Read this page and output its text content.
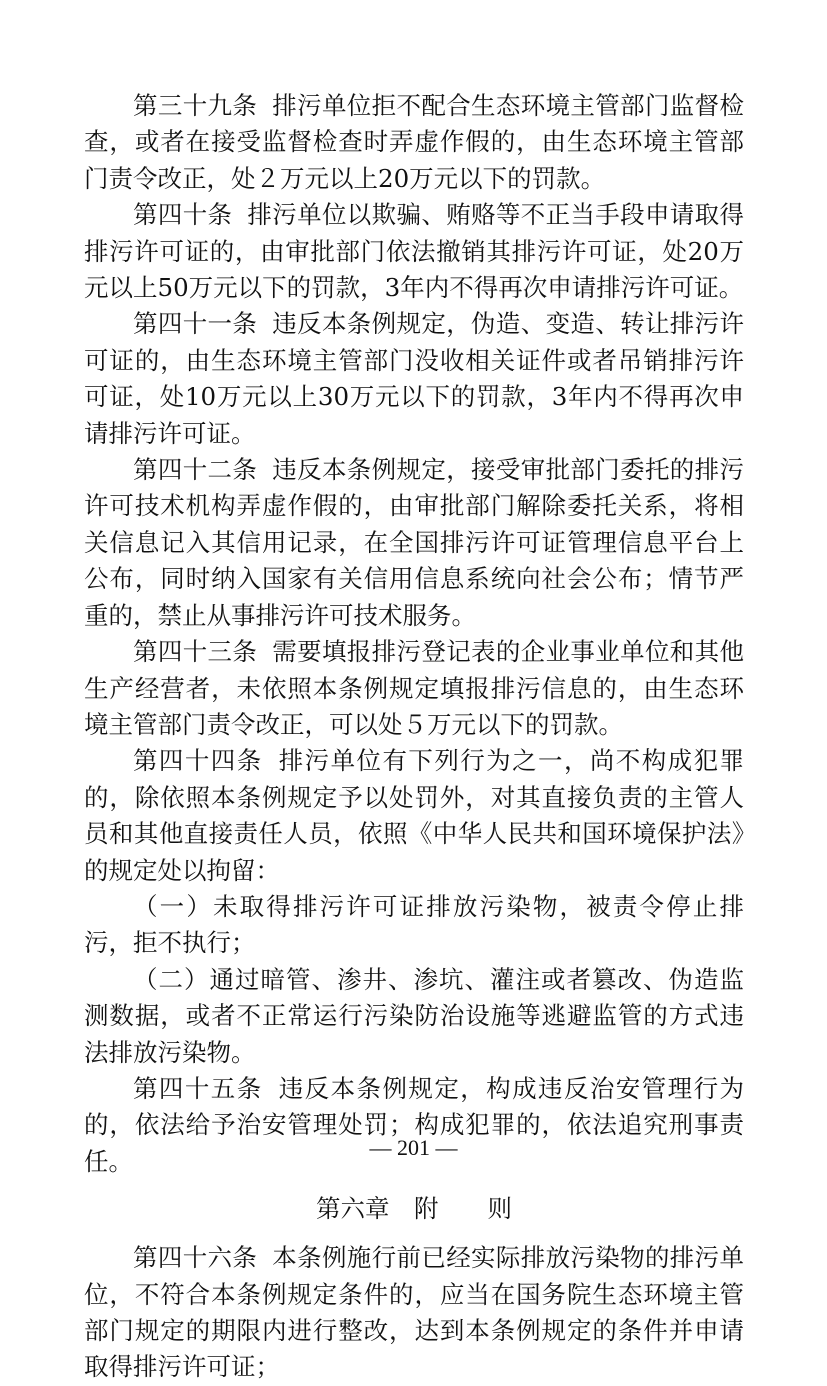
第三十九条 排污单位拒不配合生态环境主管部门监督检查，或者在接受监督检查时弄虚作假的，由生态环境主管部门责令改正，处２万元以上20万元以下的罚款。

第四十条 排污单位以欺骗、贿赂等不正当手段申请取得排污许可证的，由审批部门依法撤销其排污许可证，处20万元以上50万元以下的罚款，3年内不得再次申请排污许可证。

第四十一条 违反本条例规定，伪造、变造、转让排污许可证的，由生态环境主管部门没收相关证件或者吊销排污许可证，处10万元以上30万元以下的罚款，3年内不得再次申请排污许可证。

第四十二条 违反本条例规定，接受审批部门委托的排污许可技术机构弄虚作假的，由审批部门解除委托关系，将相关信息记入其信用记录，在全国排污许可证管理信息平台上公布，同时纳入国家有关信用信息系统向社会公布；情节严重的，禁止从事排污许可技术服务。

第四十三条 需要填报排污登记表的企业事业单位和其他生产经营者，未依照本条例规定填报排污信息的，由生态环境主管部门责令改正，可以处５万元以下的罚款。

第四十四条 排污单位有下列行为之一，尚不构成犯罪的，除依照本条例规定予以处罚外，对其直接负责的主管人员和其他直接责任人员，依照《中华人民共和国环境保护法》的规定处以拘留：

（一）未取得排污许可证排放污染物，被责令停止排污，拒不执行；

（二）通过暗管、渗井、渗坑、灌注或者篡改、伪造监测数据，或者不正常运行污染防治设施等逃避监管的方式违法排放污染物。

第四十五条 违反本条例规定，构成违反治安管理行为的，依法给予治安管理处罚；构成犯罪的，依法追究刑事责任。

第六章 附 则

第四十六条 本条例施行前已经实际排放污染物的排污单位，不符合本条例规定条件的，应当在国务院生态环境主管部门规定的期限内进行整改，达到本条例规定的条件并申请取得排污许可证；

— 201 —
